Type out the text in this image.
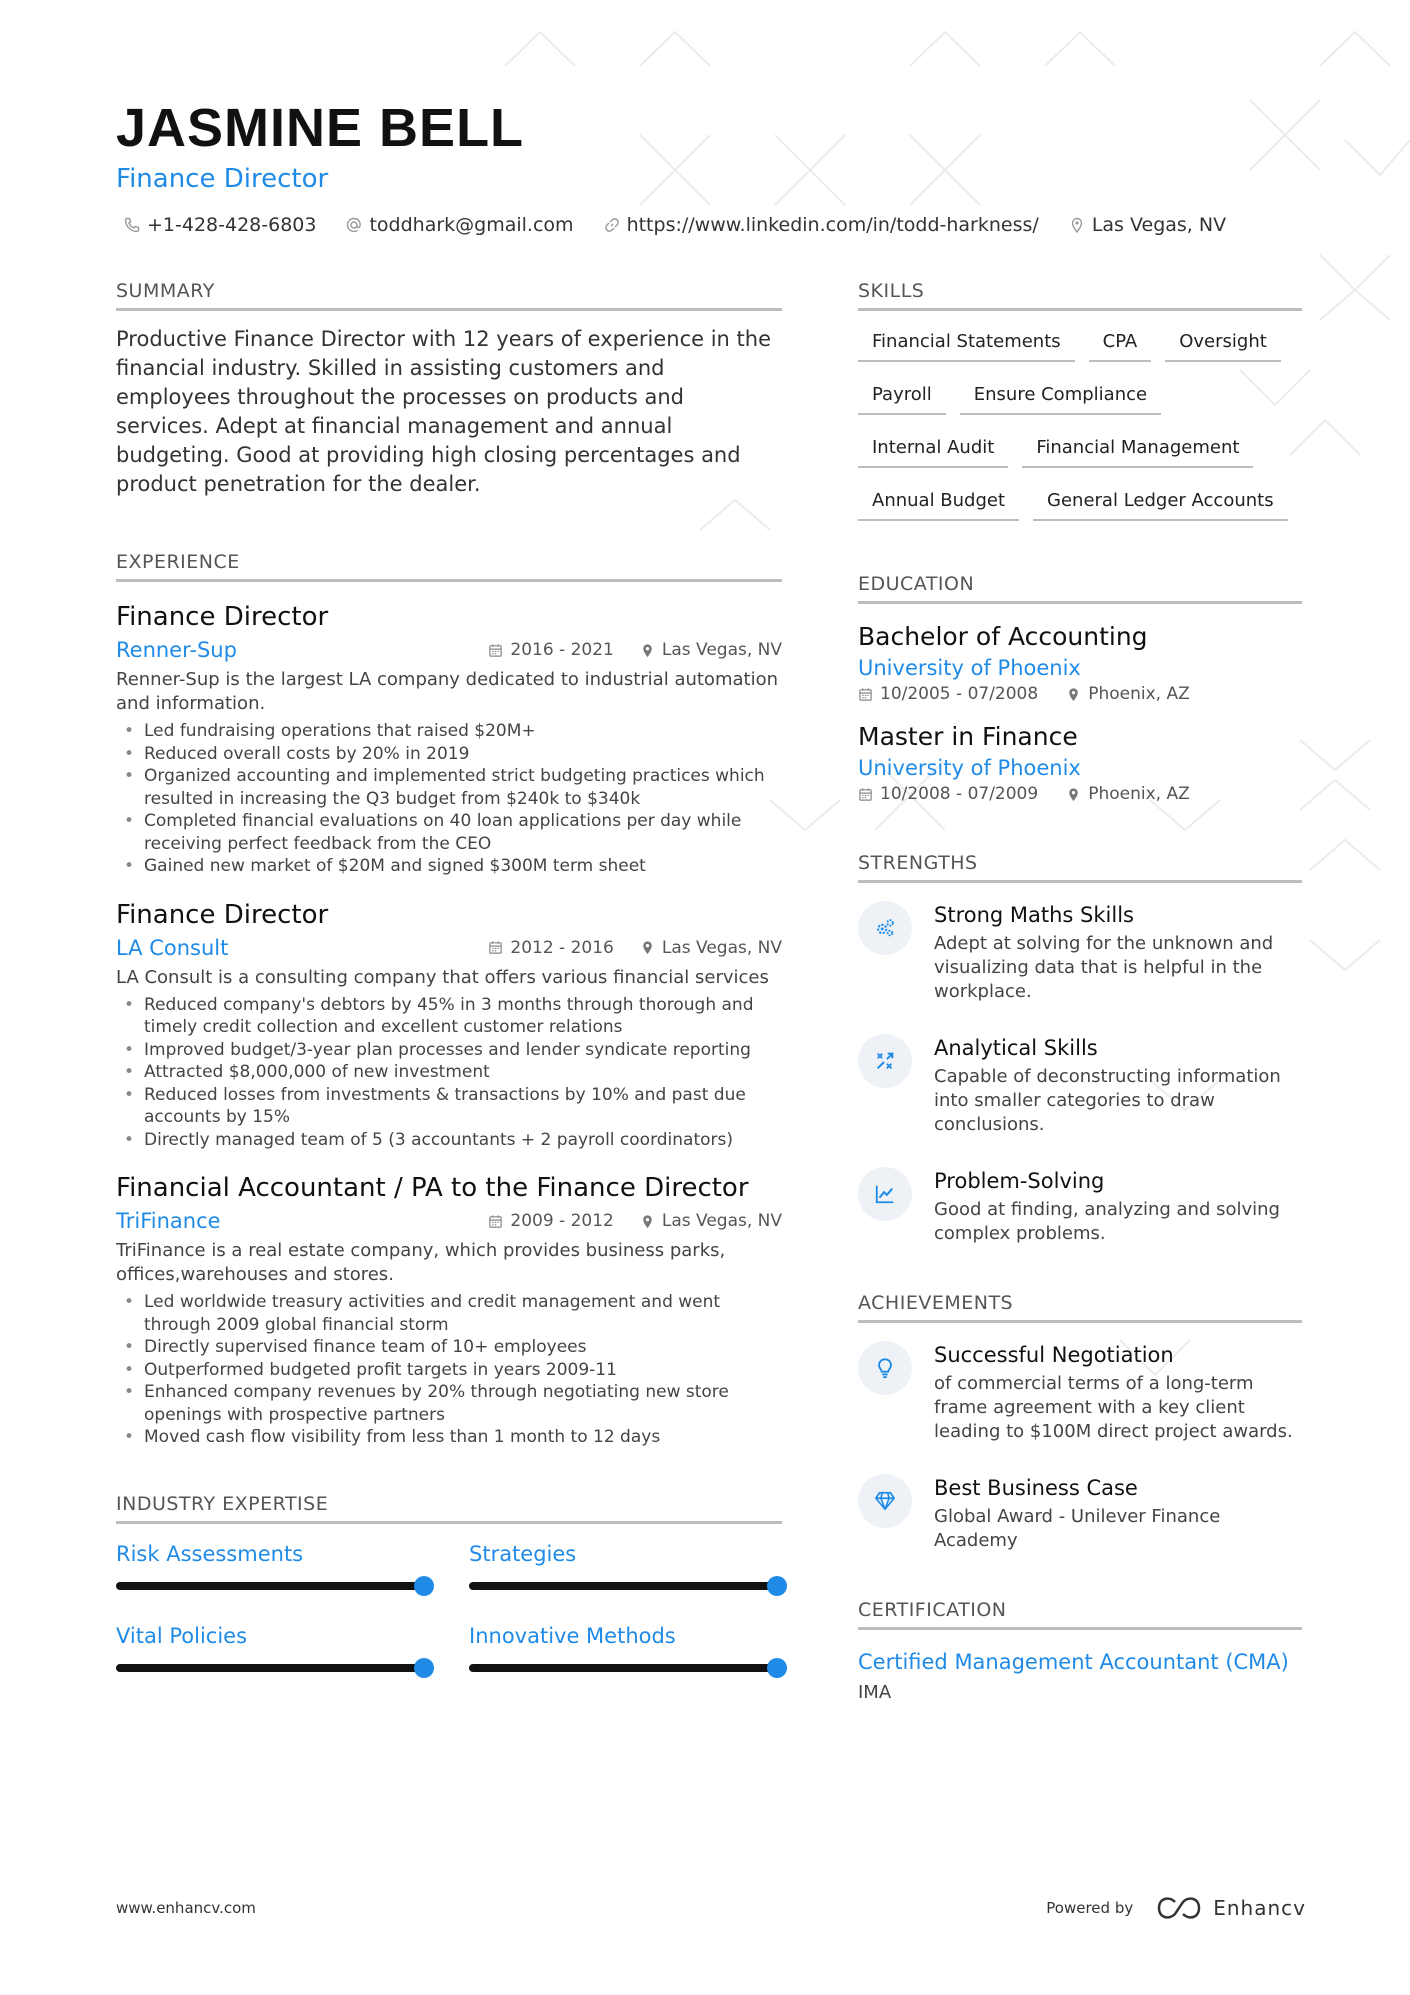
JASMINE BELL
Finance Director
+1-428-428-6803	toddhark@gmail.com	https://www.linkedin.com/in/todd-harkness/	Las Vegas, NV
SUMMARY

Productive Finance Director with 12 years of experience in the financial industry. Skilled in assisting customers and employees throughout the processes on products and services. Adept at financial management and annual budgeting. Good at providing high closing percentages and product penetration for the dealer.

EXPERIENCE
Finance Director
Renner-Sup	2016 - 2021	Las Vegas, NV
Renner-Sup is the largest LA company dedicated to industrial automation and information.
• Led fundraising operations that raised $20M+
• Reduced overall costs by 20% in 2019
• Organized accounting and implemented strict budgeting practices which resulted in increasing the Q3 budget from $240k to $340k
• Completed financial evaluations on 40 loan applications per day while receiving perfect feedback from the CEO
• Gained new market of $20M and signed $300M term sheet
Finance Director
LA Consult	2012 - 2016	Las Vegas, NV
LA Consult is a consulting company that offers various financial services
• Reduced company's debtors by 45% in 3 months through thorough and timely credit collection and excellent customer relations
• Improved budget/3-year plan processes and lender syndicate reporting
• Attracted $8,000,000 of new investment
• Reduced losses from investments & transactions by 10% and past due accounts by 15%
• Directly managed team of 5 (3 accountants + 2 payroll coordinators)
Financial Accountant / PA to the Finance Director
TriFinance	2009 - 2012	Las Vegas, NV
TriFinance is a real estate company, which provides business parks, offices,warehouses and stores.
• Led worldwide treasury activities and credit management and went through 2009 global financial storm
• Directly supervised finance team of 10+ employees
• Outperformed budgeted profit targets in years 2009-11
• Enhanced company revenues by 20% through negotiating new store openings with prospective partners
• Moved cash flow visibility from less than 1 month to 12 days
INDUSTRY EXPERTISE
Risk Assessments	Strategies
Vital Policies	Innovative Methods
SKILLS
Financial Statements	CPA	Oversight
Payroll	Ensure Compliance
Internal Audit	Financial Management
Annual Budget	General Ledger Accounts
EDUCATION
Bachelor of Accounting
University of Phoenix
10/2005 - 07/2008	Phoenix, AZ
Master in Finance
University of Phoenix
10/2008 - 07/2009	Phoenix, AZ
STRENGTHS
Strong Maths Skills
Adept at solving for the unknown and visualizing data that is helpful in the workplace.
Analytical Skills
Capable of deconstructing information into smaller categories to draw conclusions.
Problem-Solving
Good at finding, analyzing and solving complex problems.
ACHIEVEMENTS
Successful Negotiation
of commercial terms of a long-term frame agreement with a key client leading to $100M direct project awards.
Best Business Case
Global Award - Unilever Finance Academy
CERTIFICATION
Certified Management Accountant (CMA)
IMA
www.enhancv.com	Powered by	Enhancv
